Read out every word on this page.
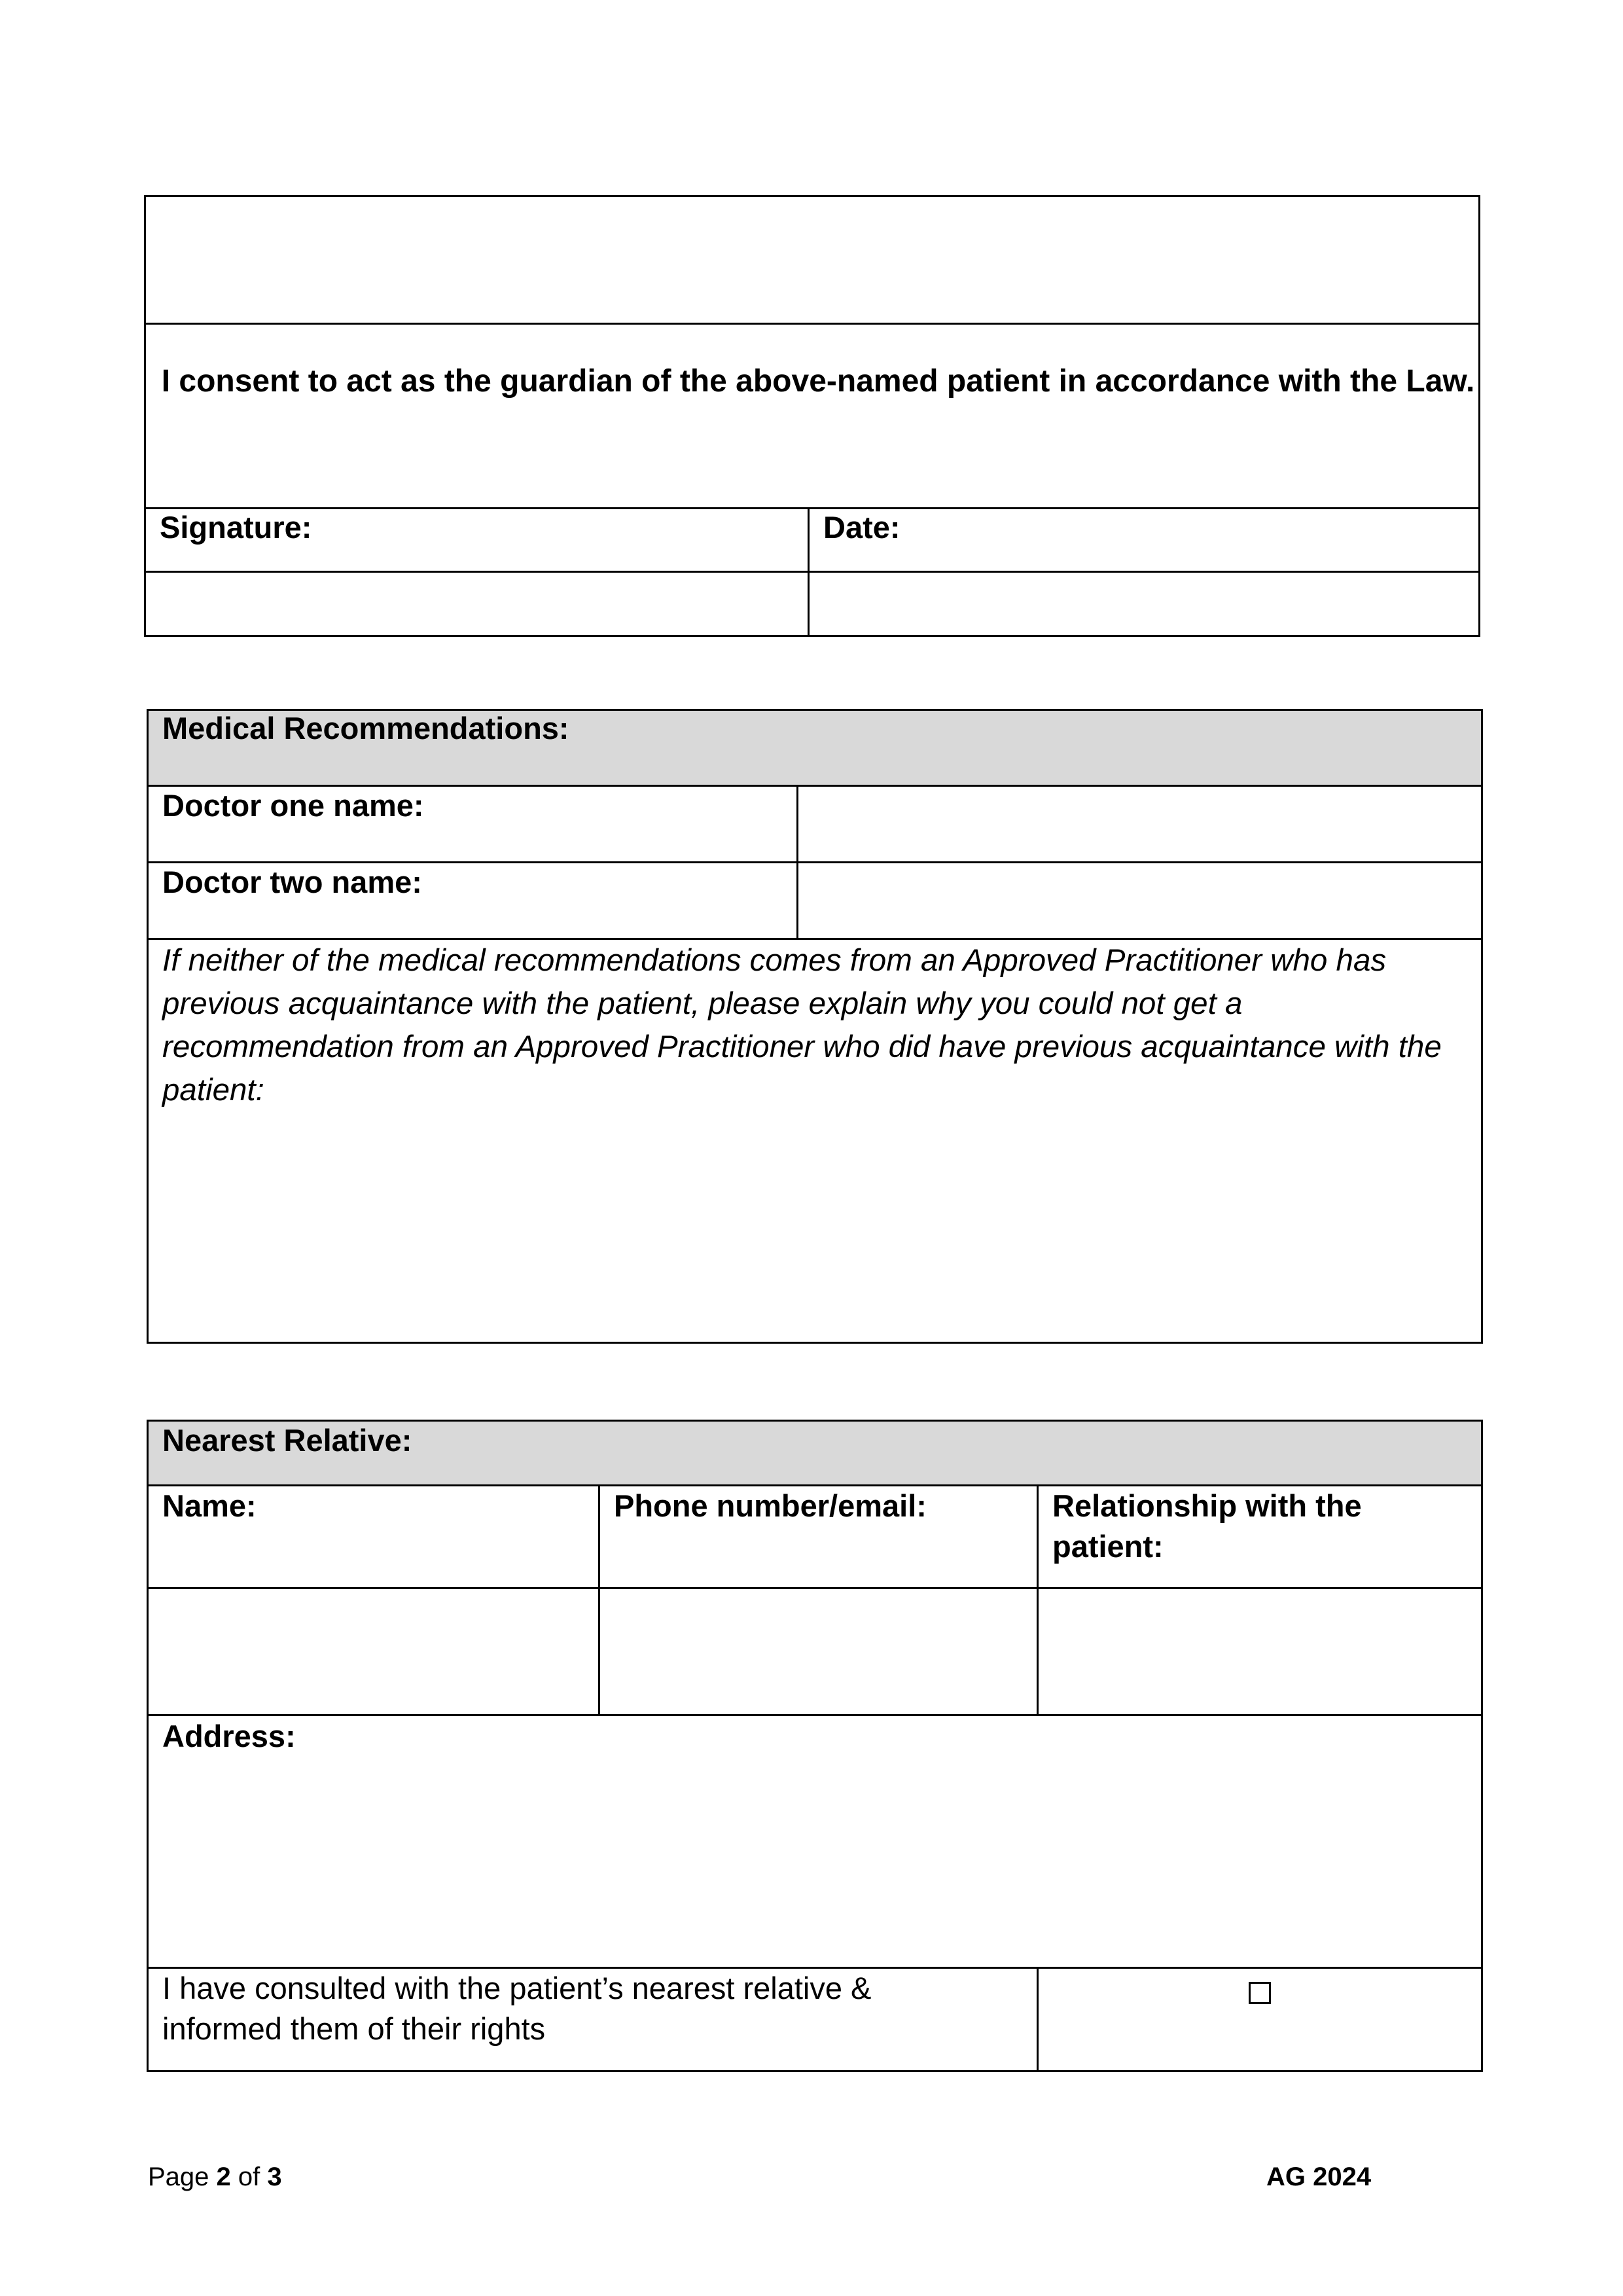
I consent to act as the guardian of the above-named patient in accordance with the Law.
Signature:	Date:
Medical Recommendations:
Doctor one name:
Doctor two name:
If neither of the medical recommendations comes from an Approved Practitioner who has previous acquaintance with the patient, please explain why you could not get a recommendation from an Approved Practitioner who did have previous acquaintance with the patient:
Nearest Relative:
Name:	Phone number/email:	Relationship with the patient:
Address:
I have consulted with the patient’s nearest relative & informed them of their rights
Page 2 of 3	AG 2024
